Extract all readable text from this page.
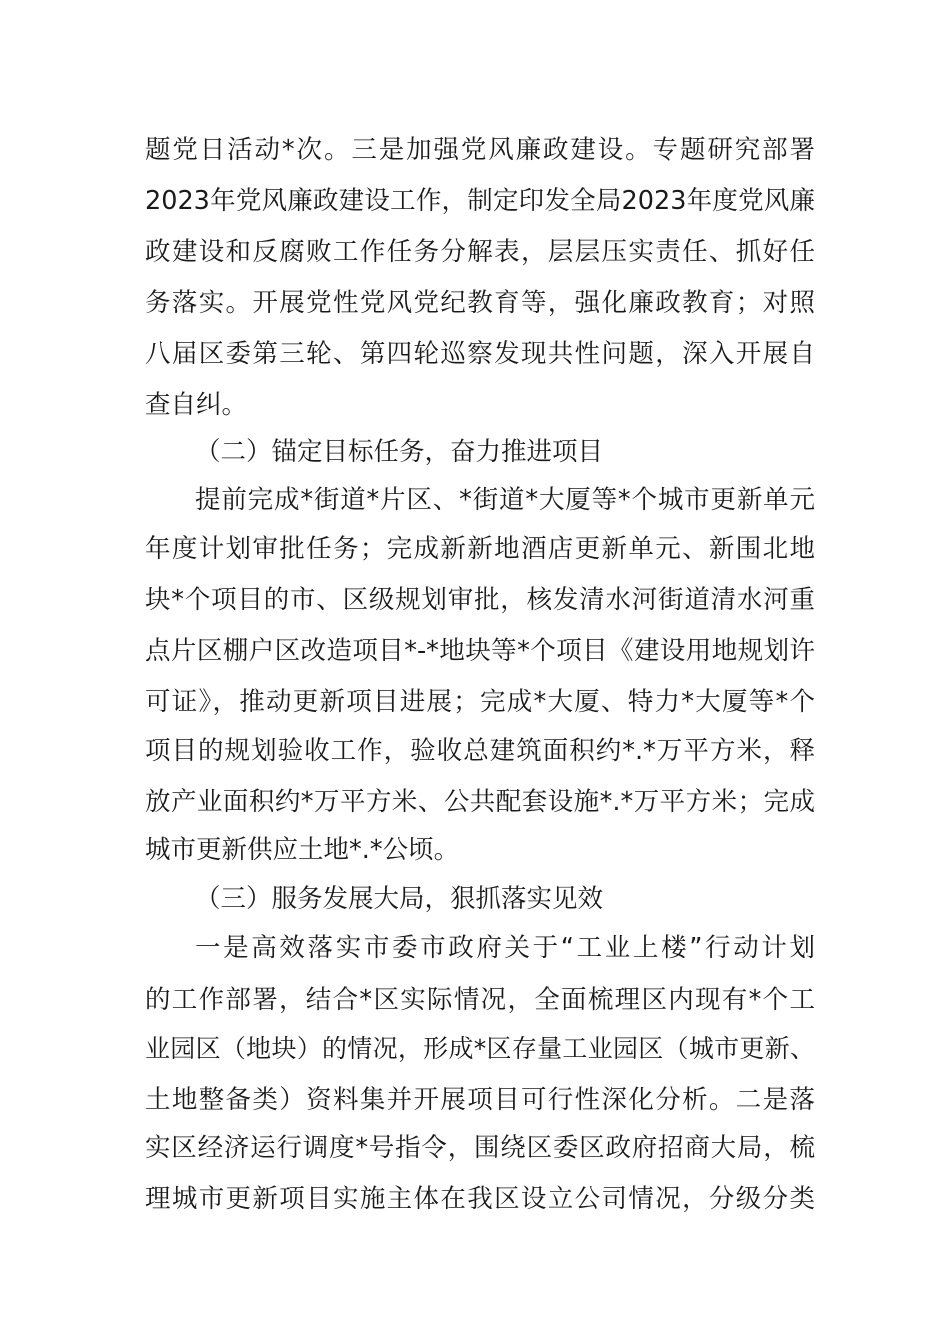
题党日活动*次。三是加强党风廉政建设。专题研究部署
2023年党风廉政建设工作，制定印发全局2023年度党风廉
政建设和反腐败工作任务分解表，层层压实责任、抓好任
务落实。开展党性党风党纪教育等，强化廉政教育；对照
八届区委第三轮、第四轮巡察发现共性问题，深入开展自
查自纠。
（二）锚定目标任务，奋力推进项目
提前完成*街道*片区、*街道*大厦等*个城市更新单元
年度计划审批任务；完成新新地酒店更新单元、新围北地
块*个项目的市、区级规划审批，核发清水河街道清水河重
点片区棚户区改造项目*-*地块等*个项目《建设用地规划许
可证》，推动更新项目进展；完成*大厦、特力*大厦等*个
项目的规划验收工作，验收总建筑面积约*.*万平方米，释
放产业面积约*万平方米、公共配套设施*.*万平方米；完成
城市更新供应土地*.*公顷。
（三）服务发展大局，狠抓落实见效
一是高效落实市委市政府关于“工业上楼”行动计划
的工作部署，结合*区实际情况，全面梳理区内现有*个工
业园区（地块）的情况，形成*区存量工业园区（城市更新、
土地整备类）资料集并开展项目可行性深化分析。二是落
实区经济运行调度*号指令，围绕区委区政府招商大局，梳
理城市更新项目实施主体在我区设立公司情况，分级分类
